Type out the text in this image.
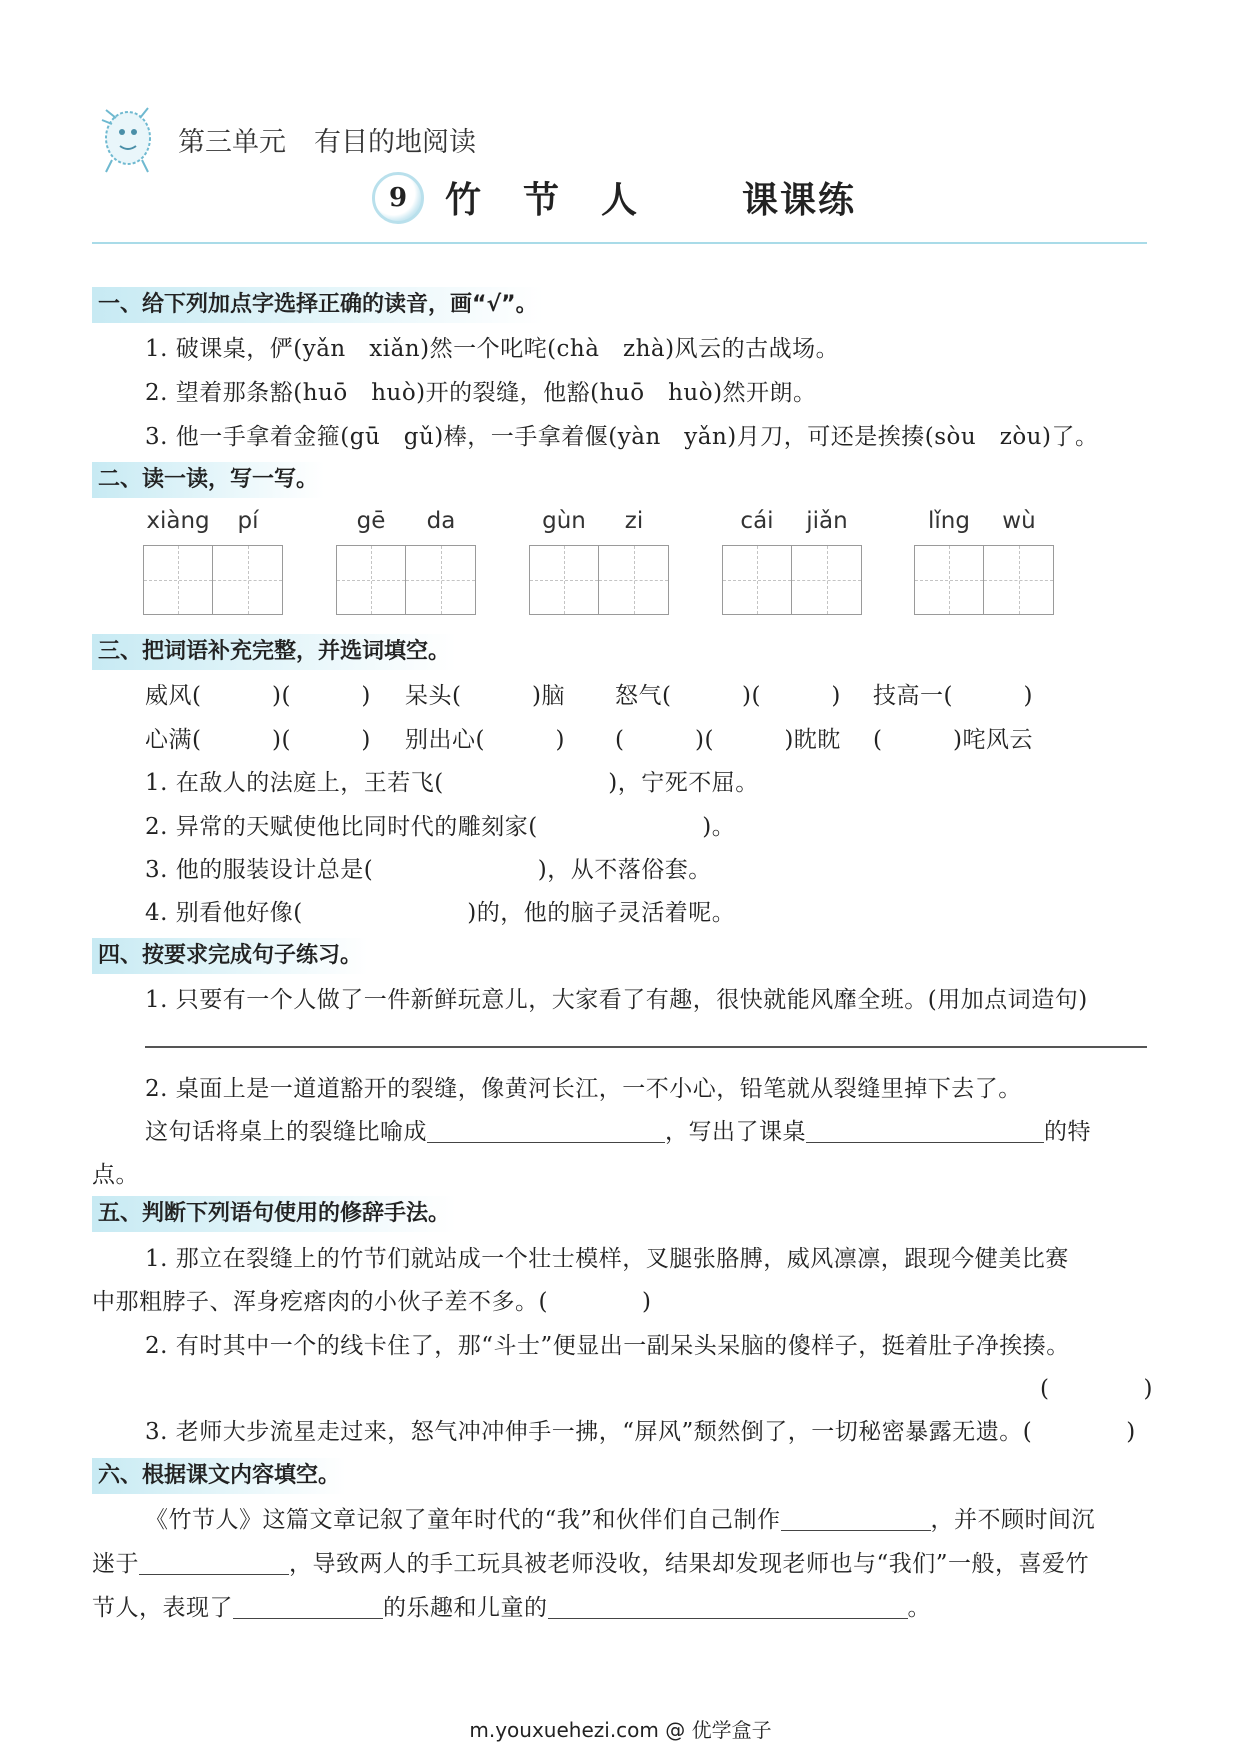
第三单元 有目的地阅读
9	竹节人 课课练
一、给下列加点字选择正确的读音，画“√”。
1. 破课桌，俨(yǎn　xiǎn)然一个叱咤(chà　zhà)风云的古战场。
2. 望着那条豁(huō　huò)开的裂缝，他豁(huō　huò)然开朗。
3. 他一手拿着金箍(gū　gǔ)棒，一手拿着偃(yàn　yǎn)月刀，可还是挨揍(sòu　zòu)了。
二、读一读，写一写。
xiàng pí	gē da	gùn zi	cái jiǎn	lǐng wù
三、把词语补充完整，并选词填空。
威风(　　　)(　　　) 呆头(　　　)脑 怒气(　　　)(　　　) 技高一(　　　)
心满(　　　)(　　　) 别出心(　　　) (　　　)(　　　)眈眈 (　　　)咤风云
1. 在敌人的法庭上，王若飞(　　　　　　　)，宁死不屈。
2. 异常的天赋使他比同时代的雕刻家(　　　　　　　)。
3. 他的服装设计总是(　　　　　　　)，从不落俗套。
4. 别看他好像(　　　　　　　)的，他的脑子灵活着呢。
四、按要求完成句子练习。
1. 只要有一个人做了一件新鲜玩意儿，大家看了有趣，很快就能风靡全班。(用加点词造句)
2. 桌面上是一道道豁开的裂缝，像黄河长江，一不小心，铅笔就从裂缝里掉下去了。
这句话将桌上的裂缝比喻成	，写出了课桌	的特
点。
五、判断下列语句使用的修辞手法。
1. 那立在裂缝上的竹节们就站成一个壮士模样，叉腿张胳膊，威风凛凛，跟现今健美比赛
中那粗脖子、浑身疙瘩肉的小伙子差不多。(　　　　)
2. 有时其中一个的线卡住了，那“斗士”便显出一副呆头呆脑的傻样子，挺着肚子净挨揍。
(　　　　)
3. 老师大步流星走过来，怒气冲冲伸手一拂，“屏风”颓然倒了，一切秘密暴露无遗。(　　　　)
六、根据课文内容填空。
《竹节人》这篇文章记叙了童年时代的“我”和伙伴们自己制作	，并不顾时间沉
迷于	，导致两人的手工玩具被老师没收，结果却发现老师也与“我们”一般，喜爱竹
节人，表现了	的乐趣和儿童的	。
m.youxuehezi.com @ 优学盒子
